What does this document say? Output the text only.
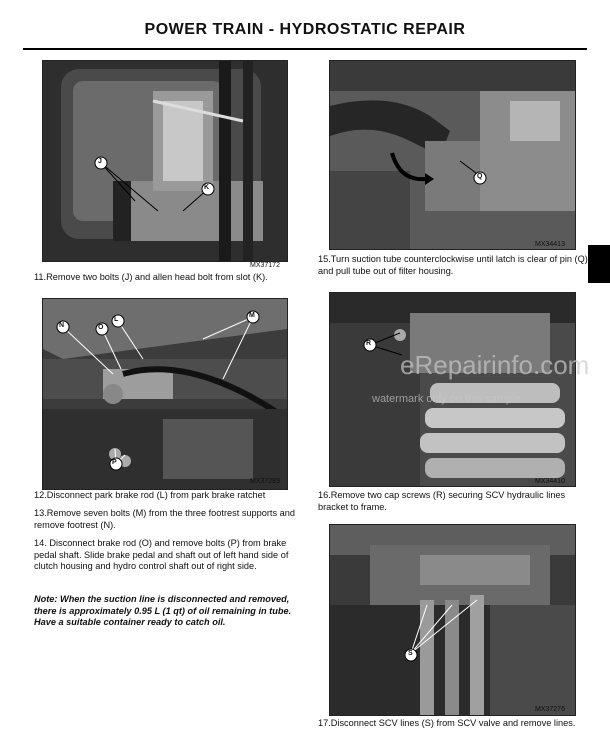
POWER TRAIN - HYDROSTATIC REPAIR
MX37172
J
K
11.Remove two bolts (J) and allen head bolt from slot (K).
MX34413
Q
15.Turn suction tube counterclockwise until latch is clear of pin (Q) and pull tube out of filter housing.
MX37289
N	O
L
M
P
12.Disconnect park brake rod (L) from park brake ratchet
13.Remove seven bolts (M) from the three footrest supports and remove footrest (N).
14. Disconnect brake rod (O) and remove bolts (P) from brake pedal shaft. Slide brake pedal and shaft out of left hand side of clutch housing and hydro control shaft out of right side.
Note: When the suction line is disconnected and removed, there is approximately 0.95 L (1 qt) of oil remaining in tube. Have a suitable container ready to catch oil.
MX34410
R
16.Remove two cap screws (R) securing SCV hydraulic lines bracket to frame.
MX37276
S
17.Disconnect SCV lines (S) from SCV valve and remove lines.
eRepairinfo.com
watermark only on this sample
